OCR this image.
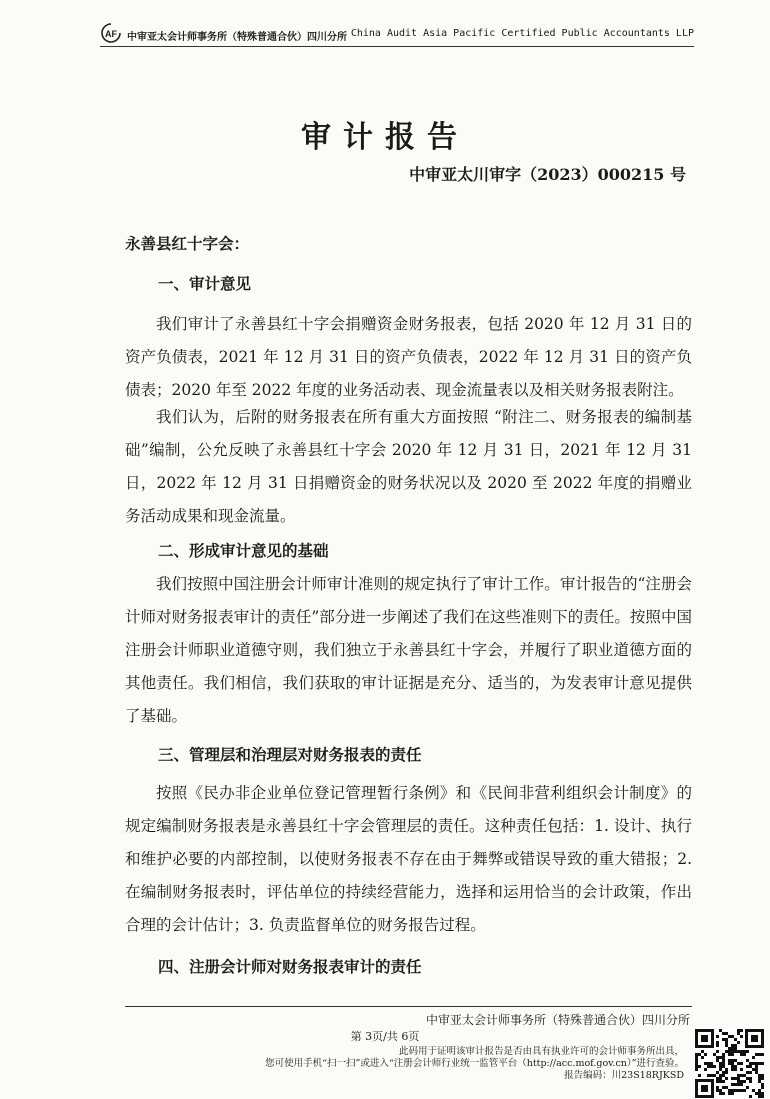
AF 中审亚太会计师事务所（特殊普通合伙）四川分所 China Audit Asia Pacific Certified Public Accountants LLP
审计报告
中审亚太川审字（2023）000215 号
永善县红十字会：
一、审计意见

我们审计了永善县红十字会捐赠资金财务报表，包括 2020 年 12 月 31 日的资产负债表，2021 年 12 月 31 日的资产负债表，2022 年 12 月 31 日的资产负债表；2020 年至 2022 年度的业务活动表、现金流量表以及相关财务报表附注。

我们认为，后附的财务报表在所有重大方面按照 “附注二、财务报表的编制基础”编制，公允反映了永善县红十字会 2020 年 12 月 31 日，2021 年 12 月 31 日，2022 年 12 月 31 日捐赠资金的财务状况以及 2020 至 2022 年度的捐赠业务活动成果和现金流量。

二、形成审计意见的基础

我们按照中国注册会计师审计准则的规定执行了审计工作。审计报告的“注册会计师对财务报表审计的责任”部分进一步阐述了我们在这些准则下的责任。按照中国注册会计师职业道德守则，我们独立于永善县红十字会，并履行了职业道德方面的其他责任。我们相信，我们获取的审计证据是充分、适当的，为发表审计意见提供了基础。

三、管理层和治理层对财务报表的责任

按照《民办非企业单位登记管理暂行条例》和《民间非营利组织会计制度》的规定编制财务报表是永善县红十字会管理层的责任。这种责任包括：1. 设计、执行和维护必要的内部控制，以使财务报表不存在由于舞弊或错误导致的重大错报；2. 在编制财务报表时，评估单位的持续经营能力，选择和运用恰当的会计政策，作出合理的会计估计；3. 负责监督单位的财务报告过程。

四、注册会计师对财务报表审计的责任
中审亚太会计师事务所（特殊普通合伙）四川分所
第 3页/共 6页
此码用于证明该审计报告是否由具有执业许可的会计师事务所出具，
您可使用手机“扫一扫”或进入“注册会计师行业统一监管平台（http://acc.mof.gov.cn）”进行查验。
报告编码：川23S18RJKSD
